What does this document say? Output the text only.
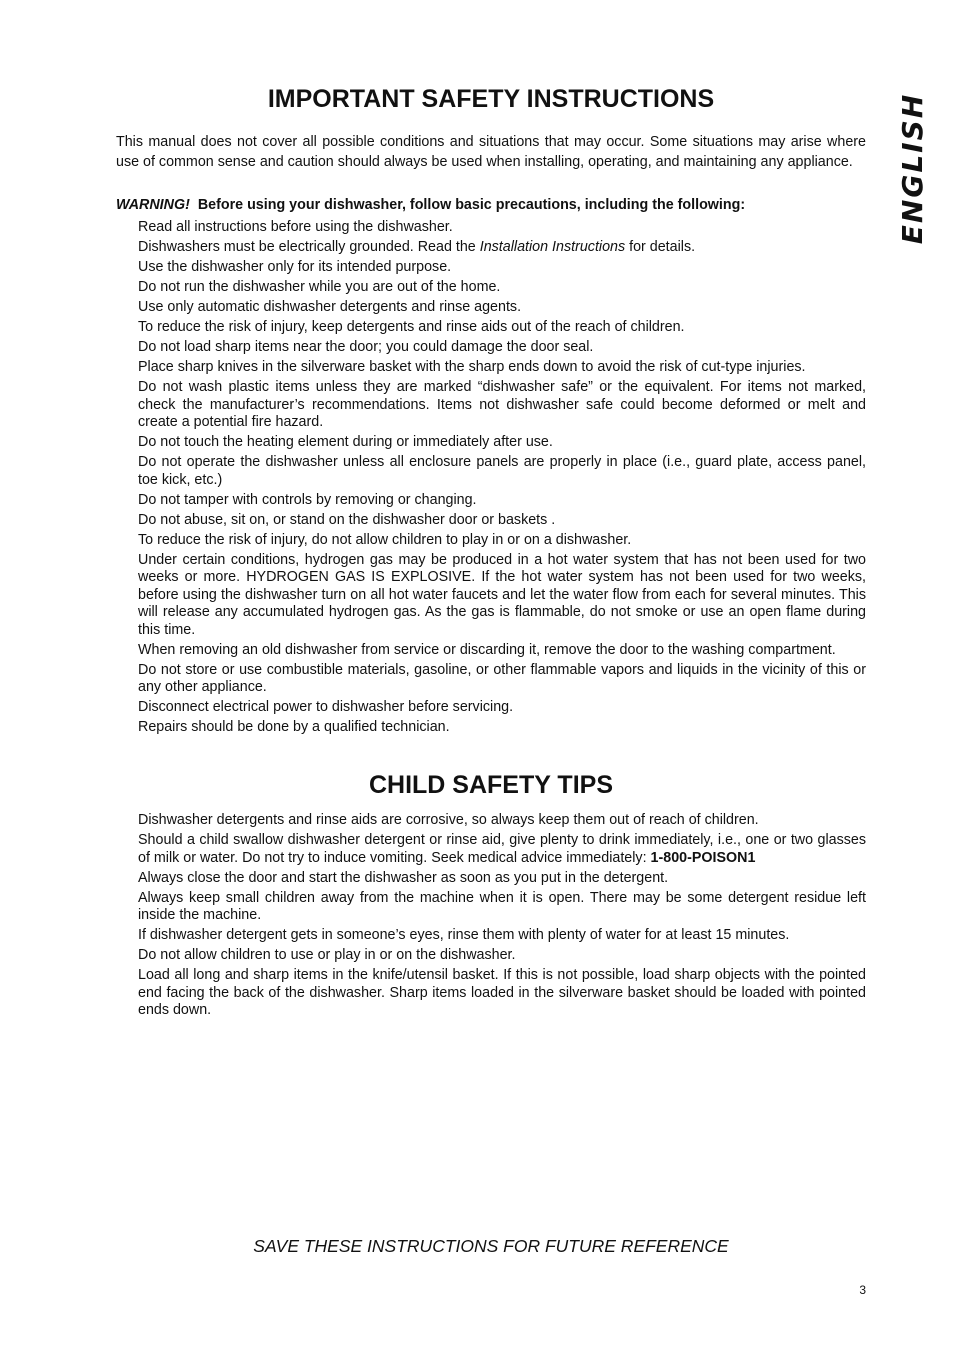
ENGLISH
IMPORTANT SAFETY INSTRUCTIONS

This manual does not cover all possible conditions and situations that may occur. Some situations may arise where use of common sense and caution should always be used when installing, operating, and maintaining any appliance.

WARNING! Before using your dishwasher, follow basic precautions, including the following:

Read all instructions before using the dishwasher.
Dishwashers must be electrically grounded. Read the Installation Instructions for details.
Use the dishwasher only for its intended purpose.
Do not run the dishwasher while you are out of the home.
Use only automatic dishwasher detergents and rinse agents.
To reduce the risk of injury, keep detergents and rinse aids out of the reach of children.
Do not load sharp items near the door; you could damage the door seal.
Place sharp knives in the silverware basket with the sharp ends down to avoid the risk of cut-type injuries.
Do not wash plastic items unless they are marked “dishwasher safe” or the equivalent. For items not marked, check the manufacturer’s recommendations. Items not dishwasher safe could become deformed or melt and create a potential fire hazard.
Do not touch the heating element during or immediately after use.
Do not operate the dishwasher unless all enclosure panels are properly in place (i.e., guard plate, access panel, toe kick, etc.)
Do not tamper with controls by removing or changing.
Do not abuse, sit on, or stand on the dishwasher door or baskets .
To reduce the risk of injury, do not allow children to play in or on a dishwasher.
Under certain conditions, hydrogen gas may be produced in a hot water system that has not been used for two weeks or more. HYDROGEN GAS IS EXPLOSIVE. If the hot water system has not been used for two weeks, before using the dishwasher turn on all hot water faucets and let the water flow from each for several minutes. This will release any accumulated hydrogen gas. As the gas is flammable, do not smoke or use an open flame during this time.
When removing an old dishwasher from service or discarding it, remove the door to the washing compartment.
Do not store or use combustible materials, gasoline, or other flammable vapors and liquids in the vicinity of this or any other appliance.
Disconnect electrical power to dishwasher before servicing.
Repairs should be done by a qualified technician.
CHILD SAFETY TIPS
Dishwasher detergents and rinse aids are corrosive, so always keep them out of reach of children.
Should a child swallow dishwasher detergent or rinse aid, give plenty to drink immediately, i.e., one or two glasses of milk or water. Do not try to induce vomiting. Seek medical advice immediately: 1-800-POISON1
Always close the door and start the dishwasher as soon as you put in the detergent.
Always keep small children away from the machine when it is open. There may be some detergent residue left inside the machine.
If dishwasher detergent gets in someone’s eyes, rinse them with plenty of water for at least 15 minutes.
Do not allow children to use or play in or on the dishwasher.
Load all long and sharp items in the knife/utensil basket. If this is not possible, load sharp objects with the pointed end facing the back of the dishwasher. Sharp items loaded in the silverware basket should be loaded with pointed ends down.

SAVE THESE INSTRUCTIONS FOR FUTURE REFERENCE

3
